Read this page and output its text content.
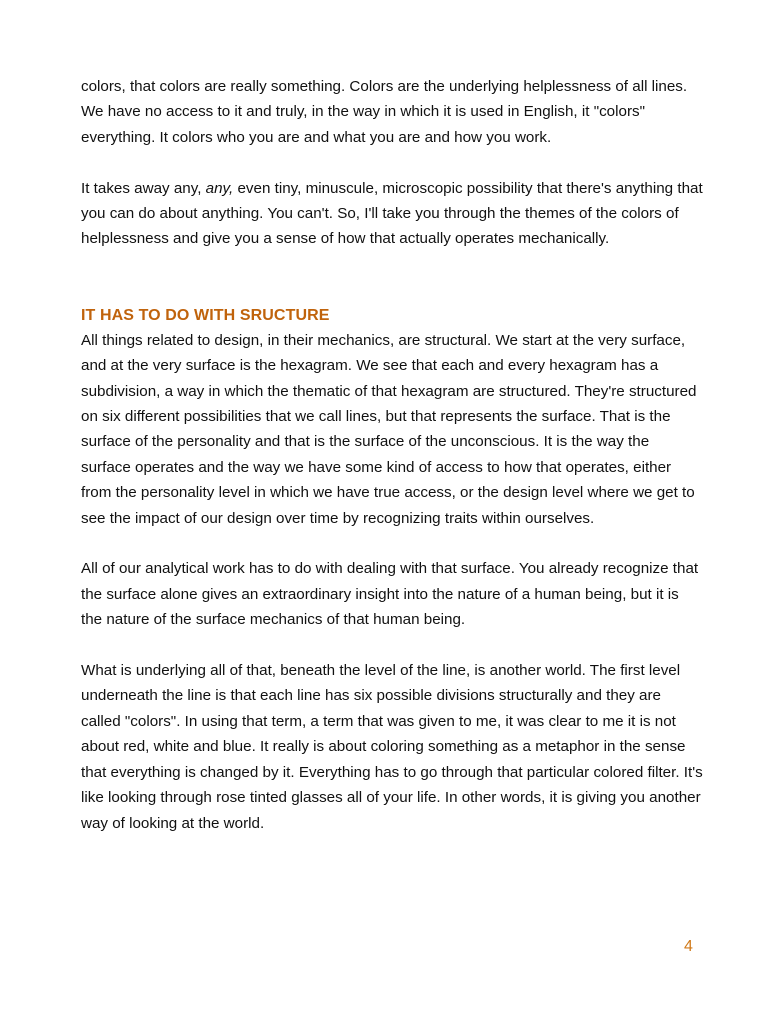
colors, that colors are really something. Colors are the underlying helplessness of all lines. We have no access to it and truly, in the way in which it is used in English, it "colors" everything. It colors who you are and what you are and how you work.

It takes away any, any, even tiny, minuscule, microscopic possibility that there's anything that you can do about anything. You can't. So, I'll take you through the themes of the colors of helplessness and give you a sense of how that actually operates mechanically.

IT HAS TO DO WITH SRUCTURE

All things related to design, in their mechanics, are structural. We start at the very surface, and at the very surface is the hexagram. We see that each and every hexagram has a subdivision, a way in which the thematic of that hexagram are structured. They're structured on six different possibilities that we call lines, but that represents the surface. That is the surface of the personality and that is the surface of the unconscious. It is the way the surface operates and the way we have some kind of access to how that operates, either from the personality level in which we have true access, or the design level where we get to see the impact of our design over time by recognizing traits within ourselves.

All of our analytical work has to do with dealing with that surface. You already recognize that the surface alone gives an extraordinary insight into the nature of a human being, but it is the nature of the surface mechanics of that human being.

What is underlying all of that, beneath the level of the line, is another world. The first level underneath the line is that each line has six possible divisions structurally and they are called "colors". In using that term, a term that was given to me, it was clear to me it is not about red, white and blue. It really is about coloring something as a metaphor in the sense that everything is changed by it. Everything has to go through that particular colored filter. It's like looking through rose tinted glasses all of your life. In other words, it is giving you another way of looking at the world.

4
